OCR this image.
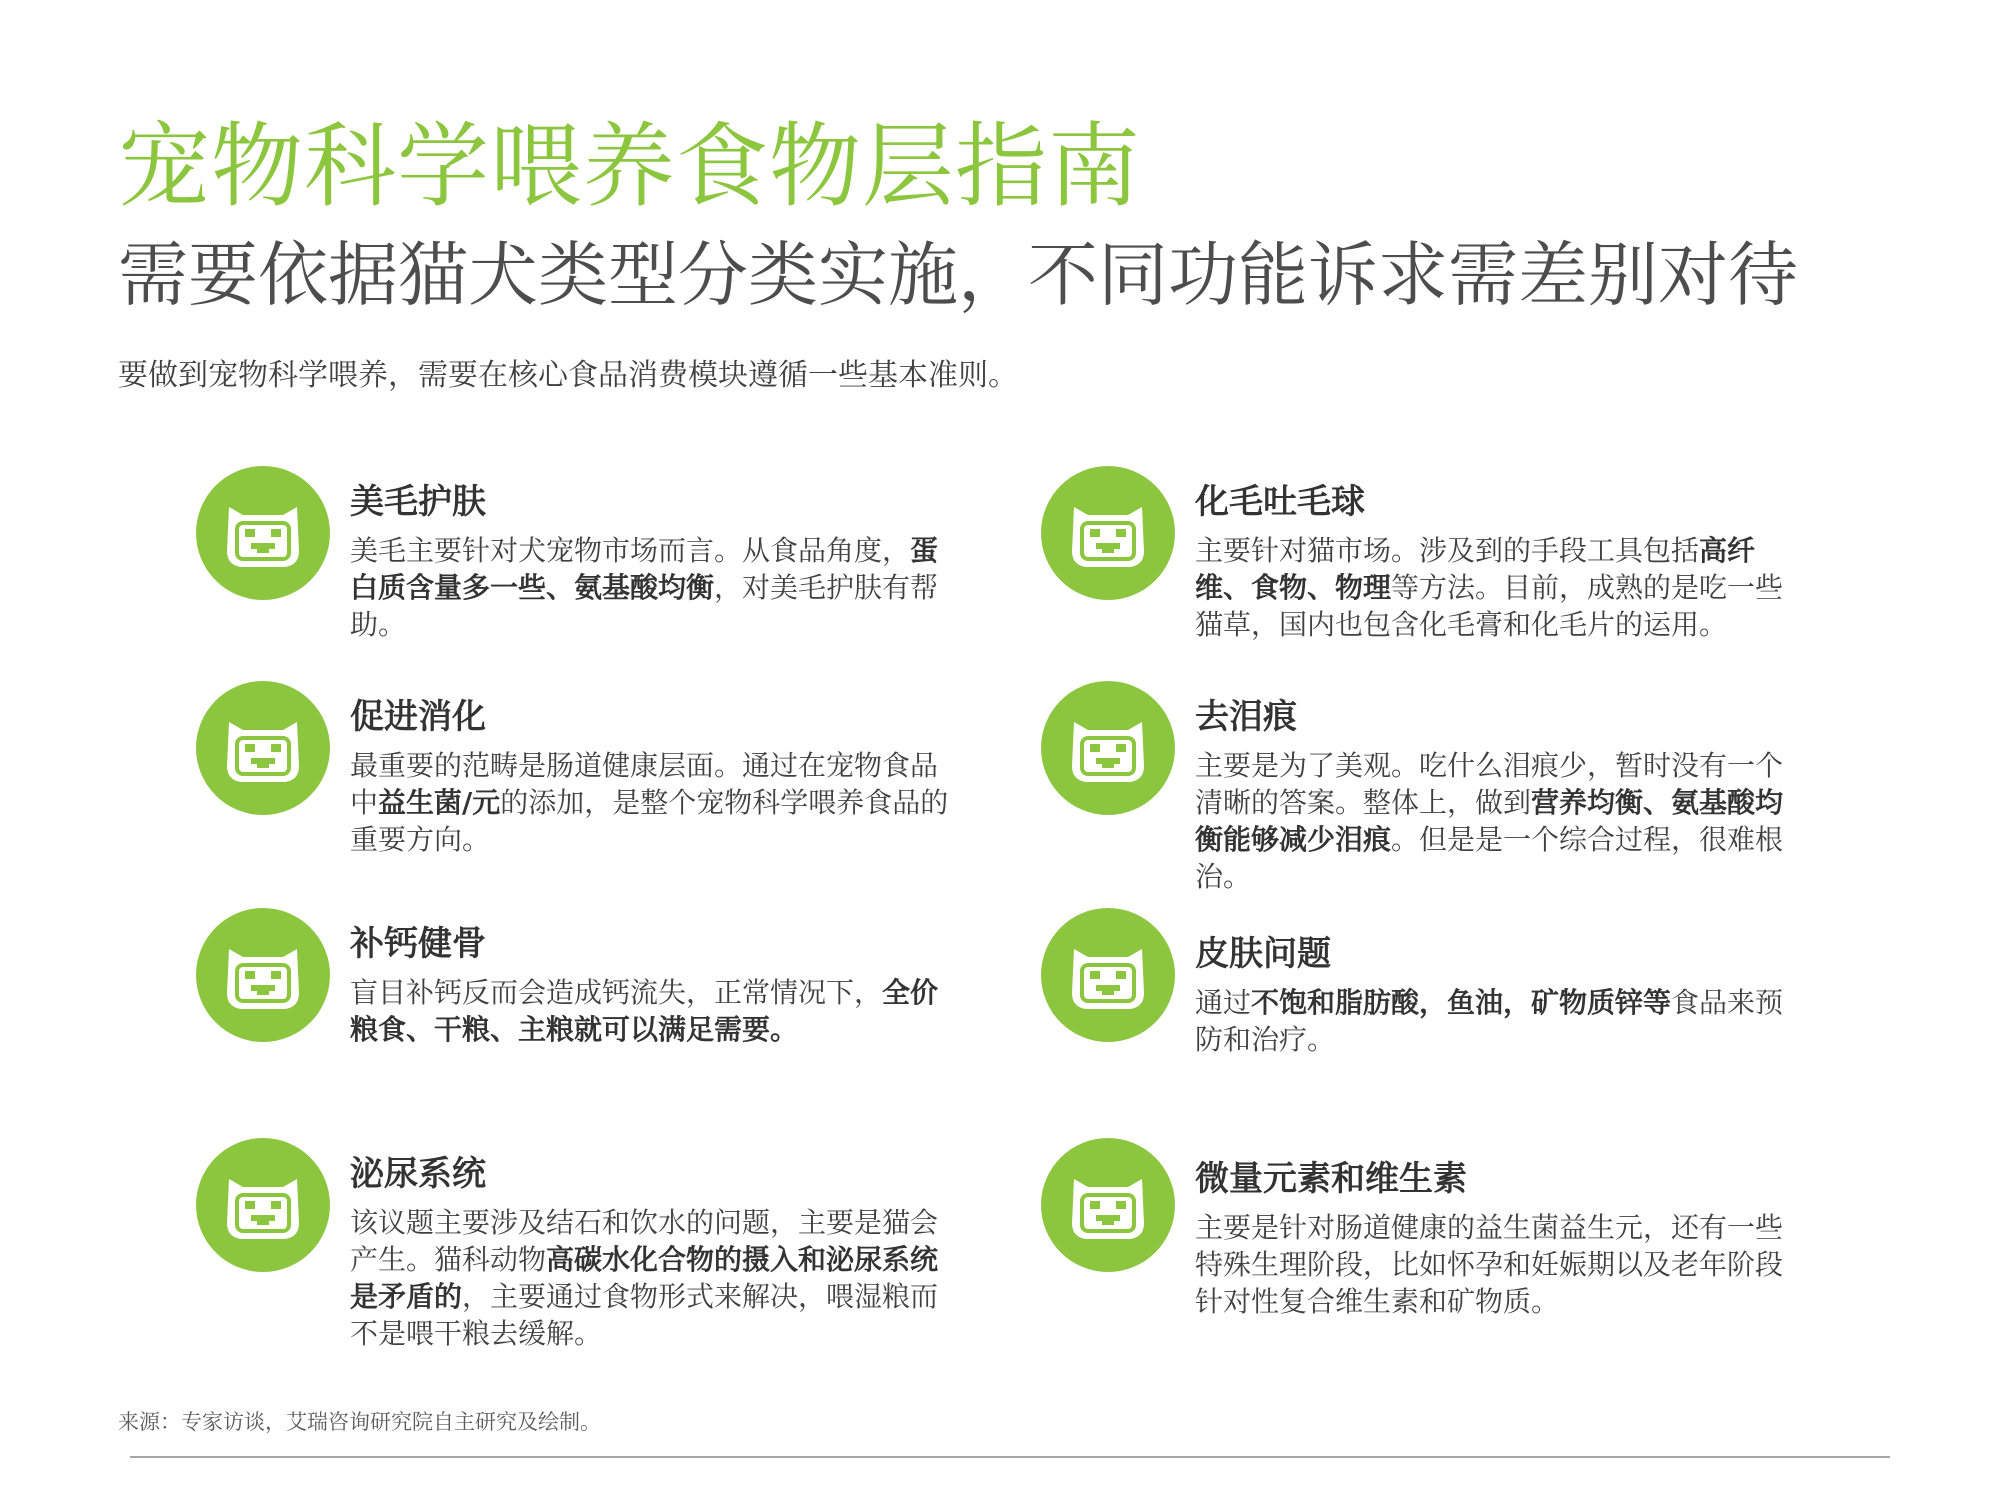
宠物科学喂养食物层指南
需要依据猫犬类型分类实施，不同功能诉求需差别对待
要做到宠物科学喂养，需要在核心食品消费模块遵循一些基本准则。
美毛护肤
美毛主要针对犬宠物市场而言。从食品角度，蛋白质含量多一些、氨基酸均衡，对美毛护肤有帮助。
化毛吐毛球
主要针对猫市场。涉及到的手段工具包括高纤维、食物、物理等方法。目前，成熟的是吃一些猫草，国内也包含化毛膏和化毛片的运用。
促进消化
最重要的范畴是肠道健康层面。通过在宠物食品中益生菌/元的添加，是整个宠物科学喂养食品的重要方向。
去泪痕
主要是为了美观。吃什么泪痕少，暂时没有一个清晰的答案。整体上，做到营养均衡、氨基酸均衡能够减少泪痕。但是是一个综合过程，很难根治。
补钙健骨
盲目补钙反而会造成钙流失，正常情况下，全价粮食、干粮、主粮就可以满足需要。
皮肤问题
通过不饱和脂肪酸，鱼油，矿物质锌等食品来预防和治疗。
泌尿系统
该议题主要涉及结石和饮水的问题，主要是猫会产生。猫科动物高碳水化合物的摄入和泌尿系统是矛盾的，主要通过食物形式来解决，喂湿粮而不是喂干粮去缓解。
微量元素和维生素
主要是针对肠道健康的益生菌益生元，还有一些特殊生理阶段，比如怀孕和妊娠期以及老年阶段针对性复合维生素和矿物质。
来源：专家访谈，艾瑞咨询研究院自主研究及绘制。
